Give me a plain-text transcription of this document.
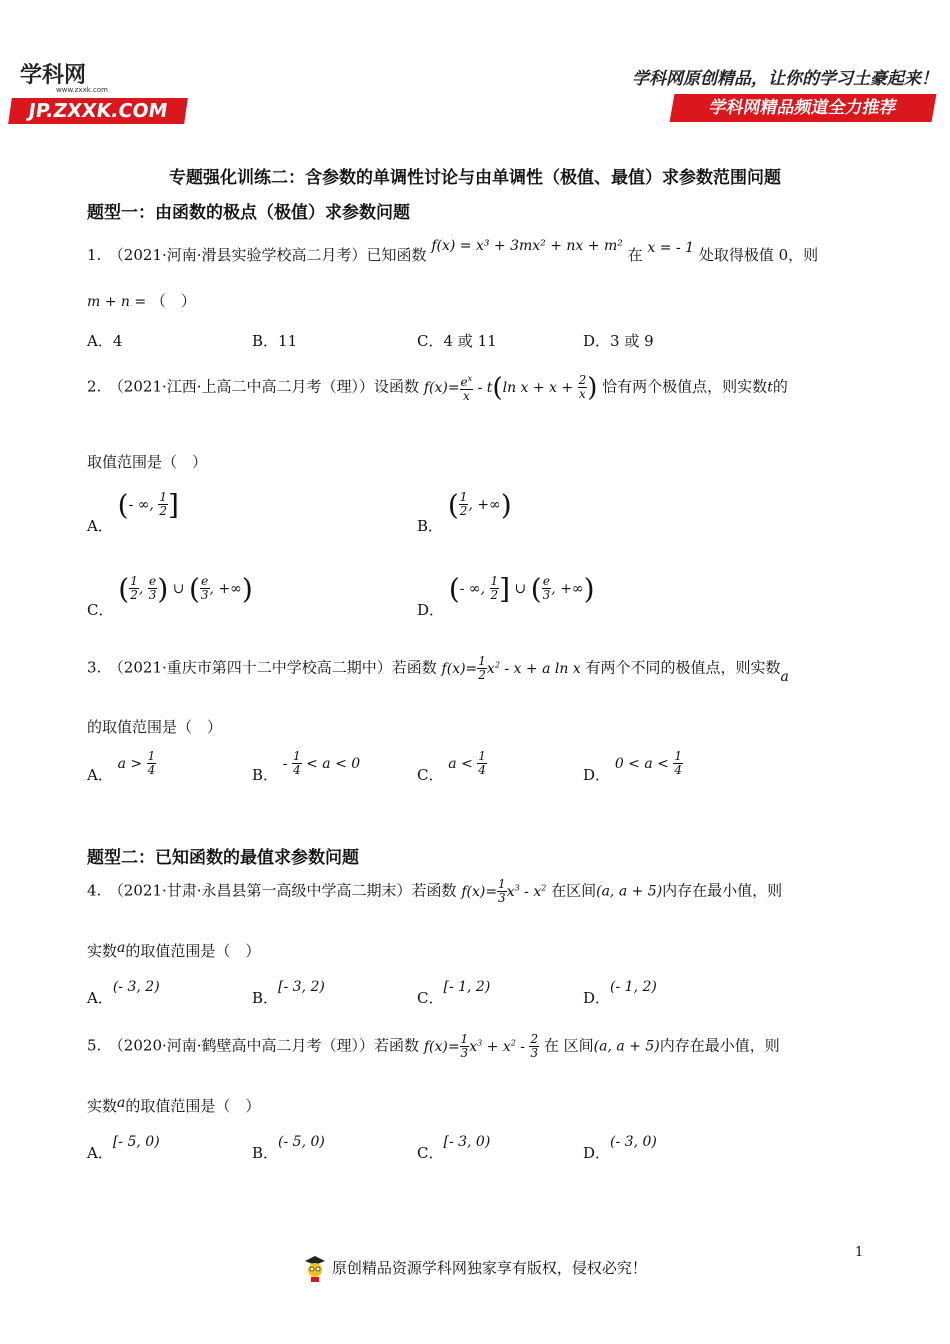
学科网
www.zxxk.com
JP.ZXXK.COM
学科网原创精品，让你的学习土豪起来！
学科网精品频道全力推荐
专题强化训练二：含参数的单调性讨论与由单调性（极值、最值）求参数范围问题
题型一：由函数的极点（极值）求参数问题
1.　（2021·河南·滑县实验学校高二月考）已知函数 f(x) = x³ + 3mx² + nx + m² 在 x = - 1 处取得极值 0，则
m + n = （　）
A．4	B．11	C．4 或 11	D．3 或 9
2.　（2021·江西·上高二中高二月考（理））设函数 $f(x)= \frac{e^x}{x} - t(\ln$ $x + x + \frac{2}{x}$ ) 恰有两个极值点，则实数t的
取值范围是（　）
A． (- ∞, $\frac{1}{2}$ ]
B． ( $\frac{1}{2}$ , +∞)
C． ( $\frac{1}{2}$ , $\frac{e}{3}$ ) ∪ ( $\frac{e}{3}$ , +∞)
D． (- ∞, $\frac{1}{2}$ ] ∪ ( $\frac{e}{3}$ , +∞)
3.　（2021·重庆市第四十二中学校高二期中）若函数 $f(x)= \frac{1}{2} x^2 - x + a$ ln x 有两个不同的极值点，则实数a
的取值范围是（　）
A． $a > \frac{1}{4}$	B． - $\frac{1}{4} < a < 0$
C． $a < \frac{1}{4}$	D． $0 < a < \frac{1}{4}$
题型二：已知函数的最值求参数问题
4.　（2021·甘肃·永昌县第一高级中学高二期末）若函数 $f(x)= \frac{1}{3} x^3 - x^2$ 在区间(a, a + 5)内存在最小值，则
实数a的取值范围是（　）
A．(- 3, 2)
B．[- 3, 2)
C．[- 1, 2)
D．(- 1, 2)
5.　（2020·河南·鹤壁高中高二月考（理））若函数 $f(x)= \frac{1}{3} x^3 + x^2 - \frac{2}{3}$ 在 区间(a, a + 5)内存在最小值，则
实数a的取值范围是（　）
A．[- 5, 0)
B．(- 5, 0)
C．[- 3, 0)
D．(- 3, 0)
1
原创精品资源学科网独家享有版权，侵权必究！
